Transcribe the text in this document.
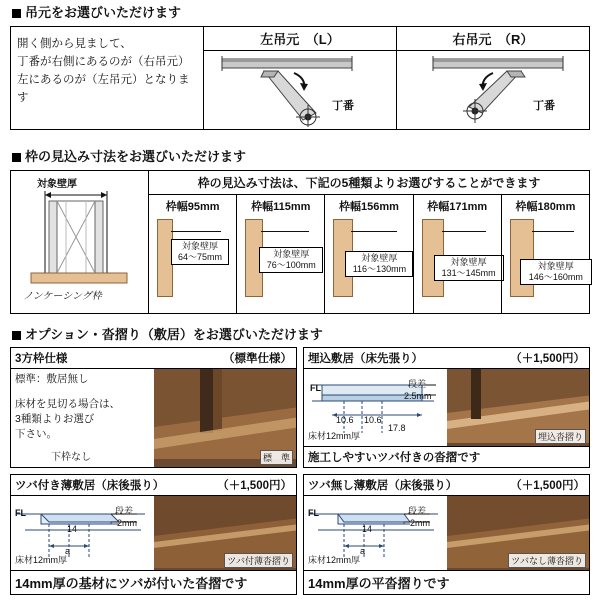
吊元をお選びいただけます
開く側から見まして、
丁番が右側にあるのが（右吊元）
左にあるのが（左吊元）となります
左吊元　（L）
丁番
右吊元　（R）
丁番
枠の見込み寸法をお選びいただけます
対象壁厚
ノンケーシング枠
枠の見込み寸法は、下記の5種類よりお選びすることができます
枠幅95mm
対象壁厚
64〜75mm
枠幅115mm
対象壁厚
76〜100mm
枠幅156mm
対象壁厚
116〜130mm
枠幅171mm
対象壁厚
131〜145mm
枠幅180mm
対象壁厚
146〜160mm
オプション・沓摺り（敷居）をお選びいただけます
3方枠仕様	（標準仕様）
標準：敷居無し
床材を見切る場合は、
3種類よりお選び
下さい。
下枠なし	標　準
埋込敷居（床先張り）	（＋1,500円）
FL	段差
2.5mm
10.6 10.6
17.8
床材12mm厚	埋込沓摺り
施工しやすいツバ付きの沓摺です
ツバ付き薄敷居（床後張り）	（＋1,500円）
FL	段差
2mm
14
a
床材12mm厚	ツバ付薄沓摺り
14mm厚の基材にツバが付いた沓摺です
ツバ無し薄敷居（床後張り）	（＋1,500円）
FL	段差
2mm
14
a
床材12mm厚	ツバなし薄沓摺り
14mm厚の平沓摺りです
